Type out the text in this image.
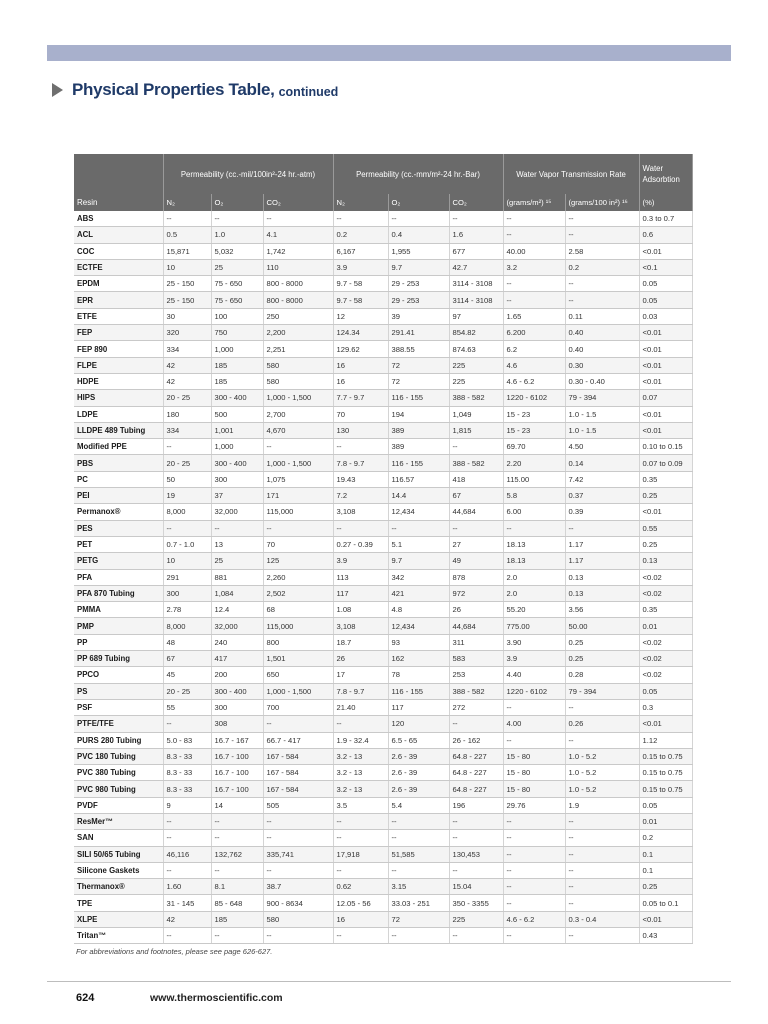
Physical Properties Table, continued
	Permeability (cc.-mil/100in²-24 hr.-atm)			Permeability (cc.-mm/m²-24 hr.-Bar)			Water Vapor Transmission Rate		Water Adsorbtion
Resin	N₂	O₂	CO₂	N₂	O₂	CO₂	(grams/m²) ¹⁵	(grams/100 in²) ¹⁶	(%)
ABS	--	--	--	--	--	--	--	--	0.3 to 0.7
ACL	0.5	1.0	4.1	0.2	0.4	1.6	--	--	0.6
COC	15,871	5,032	1,742	6,167	1,955	677	40.00	2.58	<0.01
ECTFE	10	25	110	3.9	9.7	42.7	3.2	0.2	<0.1
EPDM	25 - 150	75 - 650	800 - 8000	9.7 - 58	29 - 253	3114 - 3108	--	--	0.05
EPR	25 - 150	75 - 650	800 - 8000	9.7 - 58	29 - 253	3114 - 3108	--	--	0.05
ETFE	30	100	250	12	39	97	1.65	0.11	0.03
FEP	320	750	2,200	124.34	291.41	854.82	6.200	0.40	<0.01
FEP 890	334	1,000	2,251	129.62	388.55	874.63	6.2	0.40	<0.01
FLPE	42	185	580	16	72	225	4.6	0.30	<0.01
HDPE	42	185	580	16	72	225	4.6 - 6.2	0.30 - 0.40	<0.01
HIPS	20 - 25	300 - 400	1,000 - 1,500	7.7 - 9.7	116 - 155	388 - 582	1220 - 6102	79 - 394	0.07
LDPE	180	500	2,700	70	194	1,049	15 - 23	1.0 - 1.5	<0.01
LLDPE 489 Tubing	334	1,001	4,670	130	389	1,815	15 - 23	1.0 - 1.5	<0.01
Modified PPE	--	1,000	--	--	389	--	69.70	4.50	0.10 to 0.15
PBS	20 - 25	300 - 400	1,000 - 1,500	7.8 - 9.7	116 - 155	388 - 582	2.20	0.14	0.07 to 0.09
PC	50	300	1,075	19.43	116.57	418	115.00	7.42	0.35
PEI	19	37	171	7.2	14.4	67	5.8	0.37	0.25
Permanox®	8,000	32,000	115,000	3,108	12,434	44,684	6.00	0.39	<0.01
PES	--	--	--	--	--	--	--	--	0.55
PET	0.7 - 1.0	13	70	0.27 - 0.39	5.1	27	18.13	1.17	0.25
PETG	10	25	125	3.9	9.7	49	18.13	1.17	0.13
PFA	291	881	2,260	113	342	878	2.0	0.13	<0.02
PFA 870 Tubing	300	1,084	2,502	117	421	972	2.0	0.13	<0.02
PMMA	2.78	12.4	68	1.08	4.8	26	55.20	3.56	0.35
PMP	8,000	32,000	115,000	3,108	12,434	44,684	775.00	50.00	0.01
PP	48	240	800	18.7	93	311	3.90	0.25	<0.02
PP 689 Tubing	67	417	1,501	26	162	583	3.9	0.25	<0.02
PPCO	45	200	650	17	78	253	4.40	0.28	<0.02
PS	20 - 25	300 - 400	1,000 - 1,500	7.8 - 9.7	116 - 155	388 - 582	1220 - 6102	79 - 394	0.05
PSF	55	300	700	21.40	117	272	--	--	0.3
PTFE/TFE	--	308	--	--	120	--	4.00	0.26	<0.01
PURS 280 Tubing	5.0 - 83	16.7 - 167	66.7 - 417	1.9 - 32.4	6.5 - 65	26 - 162	--	--	1.12
PVC 180 Tubing	8.3 - 33	16.7 - 100	167 - 584	3.2 - 13	2.6 - 39	64.8 - 227	15 - 80	1.0 - 5.2	0.15 to 0.75
PVC 380 Tubing	8.3 - 33	16.7 - 100	167 - 584	3.2 - 13	2.6 - 39	64.8 - 227	15 - 80	1.0 - 5.2	0.15 to 0.75
PVC 980 Tubing	8.3 - 33	16.7 - 100	167 - 584	3.2 - 13	2.6 - 39	64.8 - 227	15 - 80	1.0 - 5.2	0.15 to 0.75
PVDF	9	14	505	3.5	5.4	196	29.76	1.9	0.05
ResMer™	--	--	--	--	--	--	--	--	0.01
SAN	--	--	--	--	--	--	--	--	0.2
SILI 50/65 Tubing	46,116	132,762	335,741	17,918	51,585	130,453	--	--	0.1
Silicone Gaskets	--	--	--	--	--	--	--	--	0.1
Thermanox®	1.60	8.1	38.7	0.62	3.15	15.04	--	--	0.25
TPE	31 - 145	85 - 648	900 - 8634	12.05 - 56	33.03 - 251	350 - 3355	--	--	0.05 to 0.1
XLPE	42	185	580	16	72	225	4.6 - 6.2	0.3 - 0.4	<0.01
Tritan™	--	--	--	--	--	--	--	--	0.43
For abbreviations and footnotes, please see page 626-627.
624	www.thermoscientific.com
